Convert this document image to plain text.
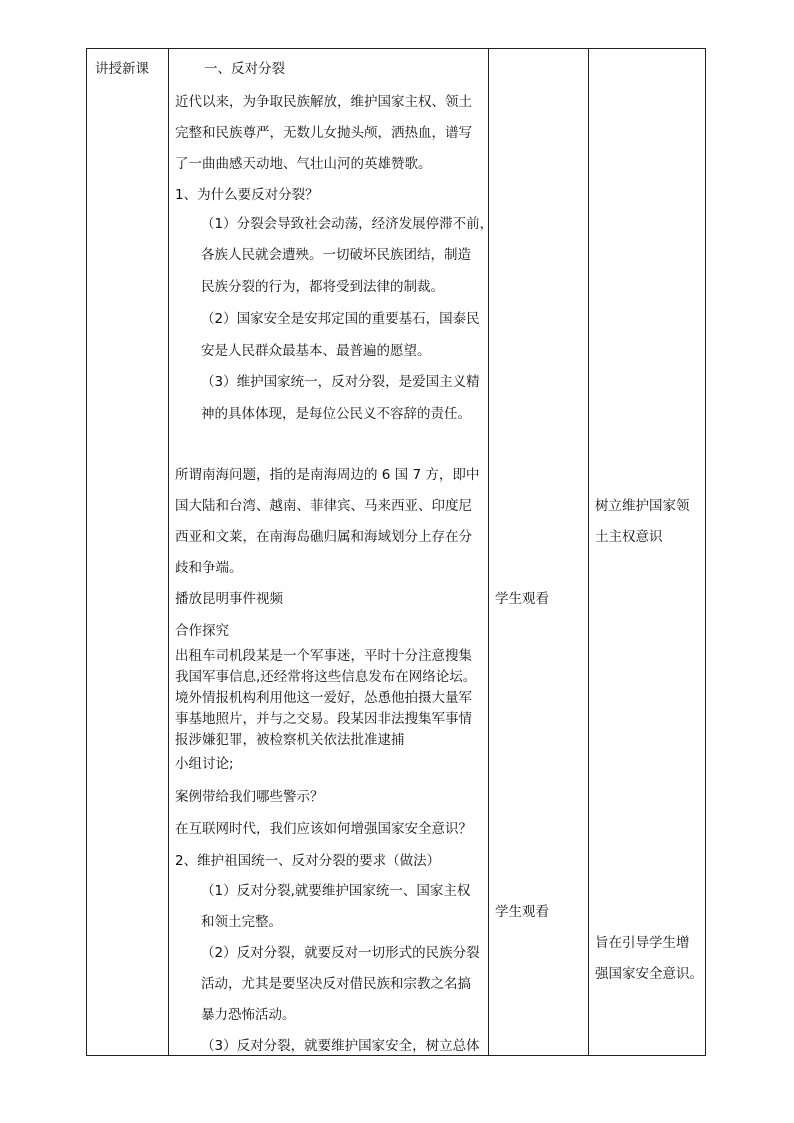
讲授新课	一、反对分裂
近代以来，为争取民族解放，维护国家主权、领土
完整和民族尊严，无数儿女抛头颅，洒热血，谱写
了一曲曲感天动地、气壮山河的英雄赞歌。
1、为什么要反对分裂？
（1）分裂会导致社会动荡，经济发展停滞不前，
各族人民就会遭殃。一切破坏民族团结，制造
民族分裂的行为，都将受到法律的制裁。
（2）国家安全是安邦定国的重要基石，国泰民
安是人民群众最基本、最普遍的愿望。
（3）维护国家统一，反对分裂，是爱国主义精
神的具体体现，是每位公民义不容辞的责任。
所谓南海问题，指的是南海周边的 6 国 7 方，即中
国大陆和台湾、越南、菲律宾、马来西亚、印度尼
西亚和文莱，在南海岛礁归属和海域划分上存在分
歧和争端。
播放昆明事件视频
合作探究
出租车司机段某是一个军事迷，平时十分注意搜集
我国军事信息,还经常将这些信息发布在网络论坛。
境外情报机构利用他这一爱好，怂恿他拍摄大量军
事基地照片，并与之交易。段某因非法搜集军事情
报涉嫌犯罪，被检察机关依法批准逮捕
小组讨论;
案例带给我们哪些警示？
在互联网时代，我们应该如何增强国家安全意识？
2、维护祖国统一、反对分裂的要求（做法）
（1）反对分裂,就要维护国家统一、国家主权
和领土完整。
（2）反对分裂，就要反对一切形式的民族分裂
活动，尤其是要坚决反对借民族和宗教之名搞
暴力恐怖活动。
（3）反对分裂，就要维护国家安全，树立总体
学生观看
学生观看
树立维护国家领
土主权意识
旨在引导学生增
强国家安全意识。
